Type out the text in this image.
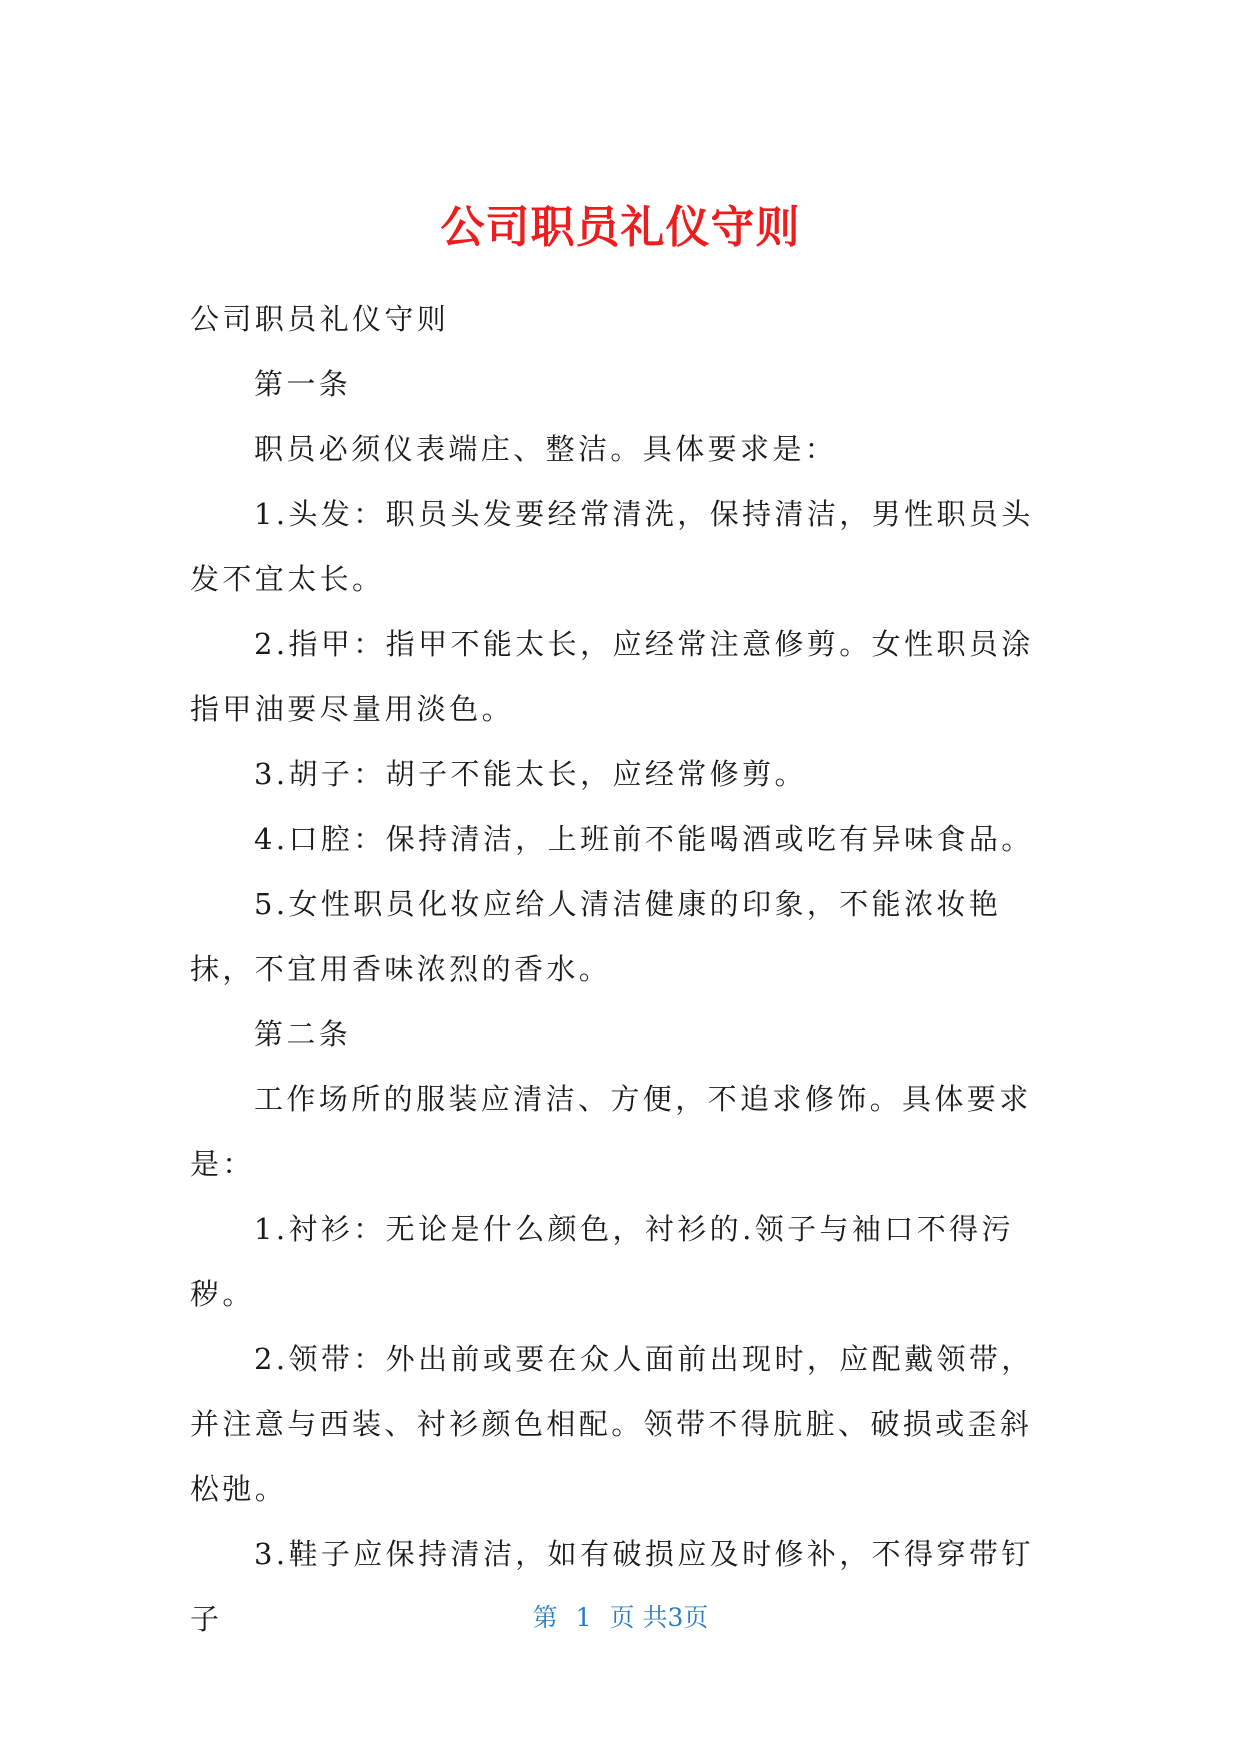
公司职员礼仪守则

公司职员礼仪守则

第一条

职员必须仪表端庄、整洁。具体要求是：

1.头发：职员头发要经常清洗，保持清洁，男性职员头发不宜太长。

2.指甲：指甲不能太长，应经常注意修剪。女性职员涂指甲油要尽量用淡色。

3.胡子：胡子不能太长，应经常修剪。

4.口腔：保持清洁，上班前不能喝酒或吃有异味食品。

5.女性职员化妆应给人清洁健康的印象，不能浓妆艳抹，不宜用香味浓烈的香水。

第二条

工作场所的服装应清洁、方便，不追求修饰。具体要求是：

1.衬衫：无论是什么颜色，衬衫的.领子与袖口不得污秽。

2.领带：外出前或要在众人面前出现时，应配戴领带，并注意与西装、衬衫颜色相配。领带不得肮脏、破损或歪斜松弛。

3.鞋子应保持清洁，如有破损应及时修补，不得穿带钉子	第 1 页 共3页
